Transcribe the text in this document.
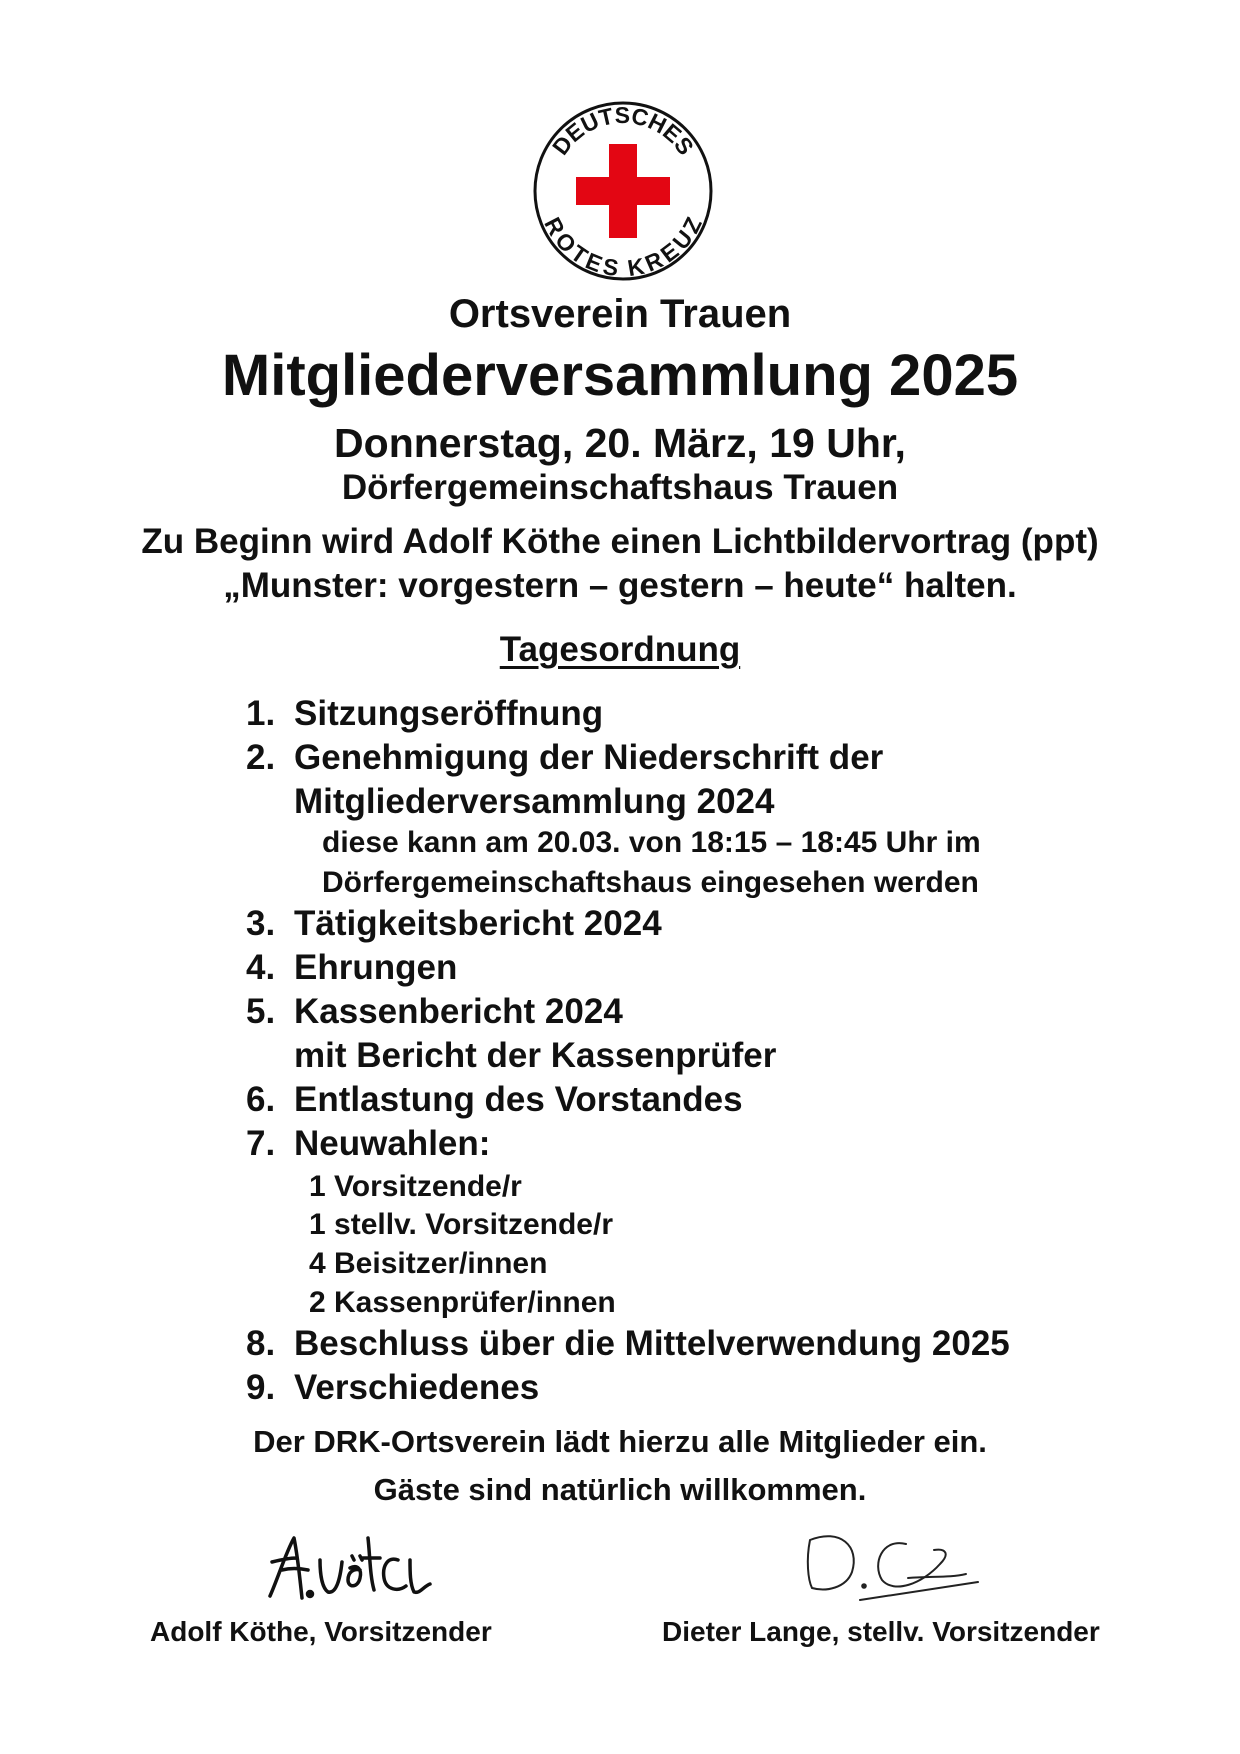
DEUTSCHES
ROTES KREUZ

Ortsverein Trauen

Mitgliederversammlung 2025

Donnerstag, 20. März, 19 Uhr,

Dörfergemeinschaftshaus Trauen

Zu Beginn wird Adolf Köthe einen Lichtbildervortrag (ppt)

„Munster: vorgestern – gestern – heute“ halten.

Tagesordnung

1. Sitzungseröffnung
2. Genehmigung der Niederschrift der
Mitgliederversammlung 2024
diese kann am 20.03. von 18:15 – 18:45 Uhr im
Dörfergemeinschaftshaus eingesehen werden
3. Tätigkeitsbericht 2024
4. Ehrungen
5. Kassenbericht 2024
mit Bericht der Kassenprüfer
6. Entlastung des Vorstandes
7. Neuwahlen:
1 Vorsitzende/r
1 stellv. Vorsitzende/r
4 Beisitzer/innen
2 Kassenprüfer/innen
8. Beschluss über die Mittelverwendung 2025
9. Verschiedenes

Der DRK-Ortsverein lädt hierzu alle Mitglieder ein.

Gäste sind natürlich willkommen.

Adolf Köthe, Vorsitzender	Dieter Lange, stellv. Vorsitzender
